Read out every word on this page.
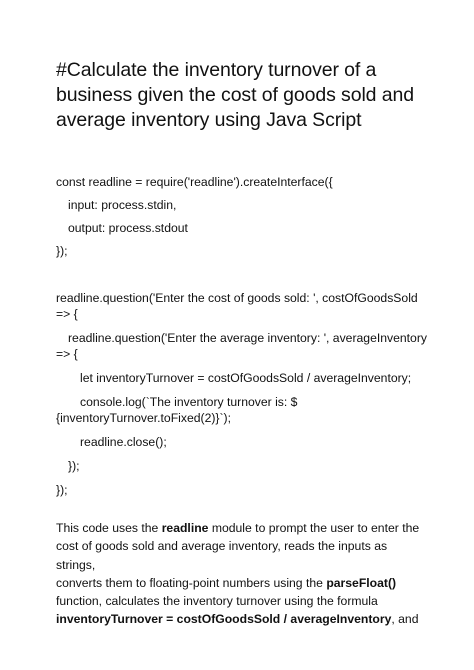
#Calculate the inventory turnover of a
business given the cost of goods sold and
average inventory using Java Script
const readline = require('readline').createInterface({
input: process.stdin,
output: process.stdout
});
readline.question('Enter the cost of goods sold: ', costOfGoodsSold
=> {
readline.question('Enter the average inventory: ', averageInventory
=> {
let inventoryTurnover = costOfGoodsSold / averageInventory;
console.log(`The inventory turnover is: $
{inventoryTurnover.toFixed(2)}`);
readline.close();
});
});
This code uses the readline module to prompt the user to enter the
cost of goods sold and average inventory, reads the inputs as strings,
converts them to floating-point numbers using the parseFloat()
function, calculates the inventory turnover using the formula
inventoryTurnover = costOfGoodsSold / averageInventory, and
